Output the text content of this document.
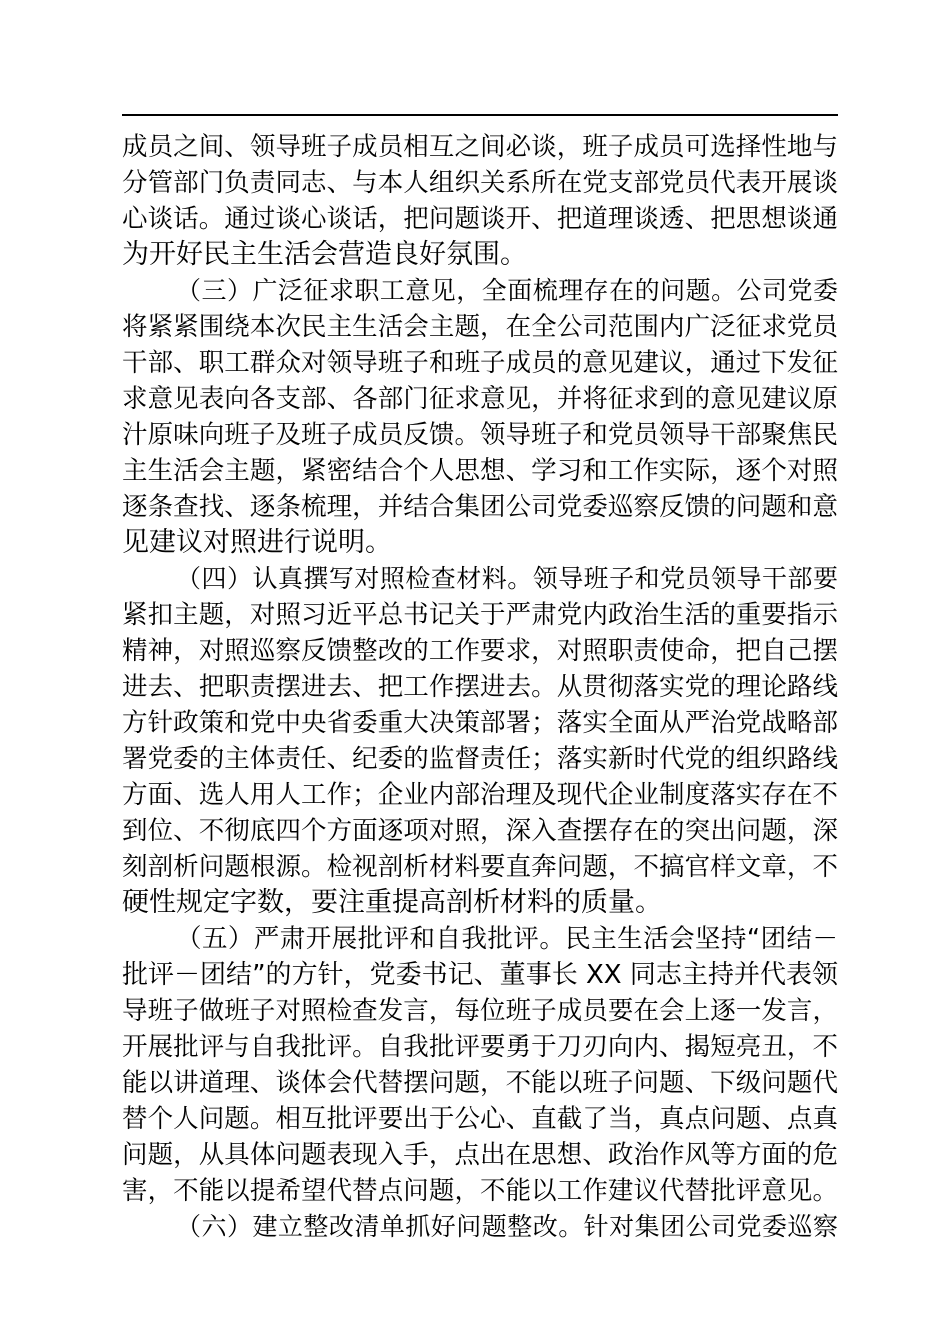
成员之间、领导班子成员相互之间必谈，班子成员可选择性地与
分管部门负责同志、与本人组织关系所在党支部党员代表开展谈
心谈话。通过谈心谈话，把问题谈开、把道理谈透、把思想谈通
为开好民主生活会营造良好氛围。
（三）广泛征求职工意见，全面梳理存在的问题。公司党委
将紧紧围绕本次民主生活会主题，在全公司范围内广泛征求党员
干部、职工群众对领导班子和班子成员的意见建议，通过下发征
求意见表向各支部、各部门征求意见，并将征求到的意见建议原
汁原味向班子及班子成员反馈。领导班子和党员领导干部聚焦民
主生活会主题，紧密结合个人思想、学习和工作实际，逐个对照
逐条查找、逐条梳理，并结合集团公司党委巡察反馈的问题和意
见建议对照进行说明。
（四）认真撰写对照检查材料。领导班子和党员领导干部要
紧扣主题，对照习近平总书记关于严肃党内政治生活的重要指示
精神，对照巡察反馈整改的工作要求，对照职责使命，把自己摆
进去、把职责摆进去、把工作摆进去。从贯彻落实党的理论路线
方针政策和党中央省委重大决策部署；落实全面从严治党战略部
署党委的主体责任、纪委的监督责任；落实新时代党的组织路线
方面、选人用人工作；企业内部治理及现代企业制度落实存在不
到位、不彻底四个方面逐项对照，深入查摆存在的突出问题，深
刻剖析问题根源。检视剖析材料要直奔问题，不搞官样文章，不
硬性规定字数，要注重提高剖析材料的质量。
（五）严肃开展批评和自我批评。民主生活会坚持“团结－
批评－团结”的方针，党委书记、董事长 XX 同志主持并代表领
导班子做班子对照检查发言，每位班子成员要在会上逐一发言，
开展批评与自我批评。自我批评要勇于刀刃向内、揭短亮丑，不
能以讲道理、谈体会代替摆问题，不能以班子问题、下级问题代
替个人问题。相互批评要出于公心、直截了当，真点问题、点真
问题，从具体问题表现入手，点出在思想、政治作风等方面的危
害，不能以提希望代替点问题，不能以工作建议代替批评意见。
（六）建立整改清单抓好问题整改。针对集团公司党委巡察
